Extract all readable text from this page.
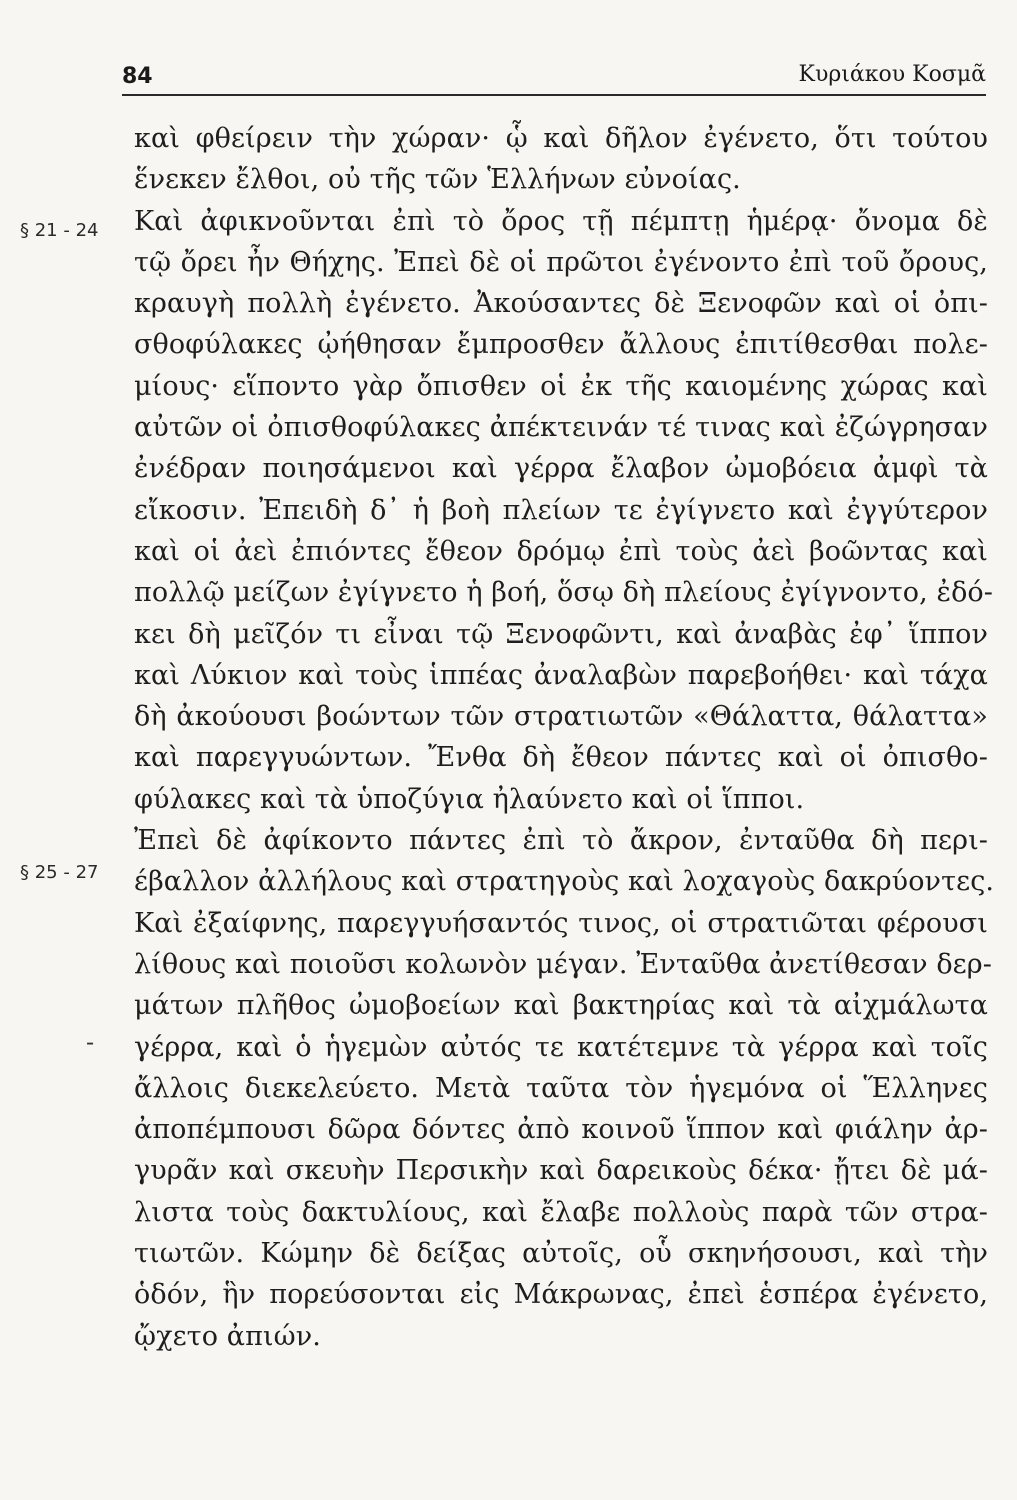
84	Κυριάκου Κοσμᾶ
§ 21 - 24
§ 25 - 27
‐
καὶ φθείρειν τὴν χώραν· ᾧ καὶ δῆλον ἐγένετο, ὅτι τούτου
ἕνεκεν ἔλθοι, οὐ τῆς τῶν Ἑλλήνων εὐνοίας.
Καὶ ἀφικνοῦνται ἐπὶ τὸ ὄρος τῇ πέμπτῃ ἡμέρᾳ· ὄνομα δὲ
τῷ ὄρει ἦν Θήχης. Ἐπεὶ δὲ οἱ πρῶτοι ἐγένοντο ἐπὶ τοῦ ὄρους,
κραυγὴ πολλὴ ἐγένετο. Ἀκούσαντες δὲ Ξενοφῶν καὶ οἱ ὀπι-
σθοφύλακες ᾠήθησαν ἔμπροσθεν ἄλλους ἐπιτίθεσθαι πολε-
μίους· εἵποντο γὰρ ὄπισθεν οἱ ἐκ τῆς καιομένης χώρας καὶ
αὐτῶν οἱ ὀπισθοφύλακες ἀπέκτεινάν τέ τινας καὶ ἐζώγρησαν
ἐνέδραν ποιησάμενοι καὶ γέρρα ἔλαβον ὠμοβόεια ἀμφὶ τὰ
εἴκοσιν. Ἐπειδὴ δ᾿ ἡ βοὴ πλείων τε ἐγίγνετο καὶ ἐγγύτερον
καὶ οἱ ἀεὶ ἐπιόντες ἔθεον δρόμῳ ἐπὶ τοὺς ἀεὶ βοῶντας καὶ
πολλῷ μείζων ἐγίγνετο ἡ βοή, ὅσῳ δὴ πλείους ἐγίγνοντο, ἐδό-
κει δὴ μεῖζόν τι εἶναι τῷ Ξενοφῶντι, καὶ ἀναβὰς ἐφ᾿ ἵππον
καὶ Λύκιον καὶ τοὺς ἱππέας ἀναλαβὼν παρεβοήθει· καὶ τάχα
δὴ ἀκούουσι βοώντων τῶν στρατιωτῶν «Θάλαττα, θάλαττα»
καὶ παρεγγυώντων. Ἔνθα δὴ ἔθεον πάντες καὶ οἱ ὀπισθο-
φύλακες καὶ τὰ ὑποζύγια ἠλαύνετο καὶ οἱ ἵπποι.
Ἐπεὶ δὲ ἀφίκοντο πάντες ἐπὶ τὸ ἄκρον, ἐνταῦθα δὴ περι-
έβαλλον ἀλλήλους καὶ στρατηγοὺς καὶ λοχαγοὺς δακρύοντες.
Καὶ ἐξαίφνης, παρεγγυήσαντός τινος, οἱ στρατιῶται φέρουσι
λίθους καὶ ποιοῦσι κολωνὸν μέγαν. Ἐνταῦθα ἀνετίθεσαν δερ-
μάτων πλῆθος ὠμοβοείων καὶ βακτηρίας καὶ τὰ αἰχμάλωτα
γέρρα, καὶ ὁ ἡγεμὼν αὐτός τε κατέτεμνε τὰ γέρρα καὶ τοῖς
ἄλλοις διεκελεύετο. Μετὰ ταῦτα τὸν ἡγεμόνα οἱ Ἕλληνες
ἀποπέμπουσι δῶρα δόντες ἀπὸ κοινοῦ ἵππον καὶ φιάλην ἀρ-
γυρᾶν καὶ σκευὴν Περσικὴν καὶ δαρεικοὺς δέκα· ᾔτει δὲ μά-
λιστα τοὺς δακτυλίους, καὶ ἔλαβε πολλοὺς παρὰ τῶν στρα-
τιωτῶν. Κώμην δὲ δείξας αὐτοῖς, οὗ σκηνήσουσι, καὶ τὴν
ὁδόν, ἣν πορεύσονται εἰς Μάκρωνας, ἐπεὶ ἑσπέρα ἐγένετο,
ᾤχετο ἀπιών.
